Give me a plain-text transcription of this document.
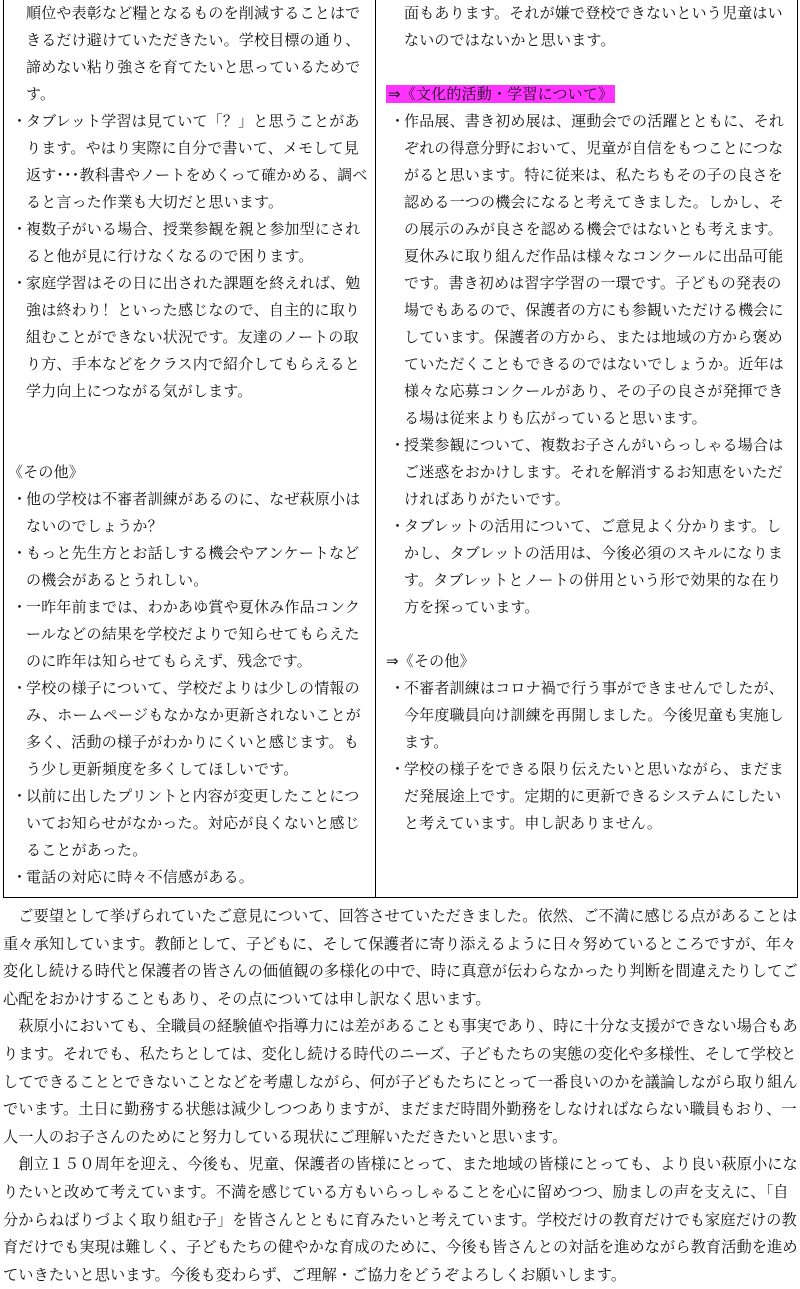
順位や表彰など糧となるものを削減することはできるだけ避けていただきたい。学校目標の通り、諦めない粘り強さを育てたいと思っているためです。

・
タブレット学習は見ていて「？」と思うことがあります。やはり実際に自分で書いて、メモして見返す･･･教科書やノートをめくって確かめる、調べると言った作業も大切だと思います。
・
複数子がいる場合、授業参観を親と参加型にされると他が見に行けなくなるので困ります。
・
家庭学習はその日に出された課題を終えれば、勉強は終わり！といった感じなので、自主的に取り組むことができない状況です。友達のノートの取り方、手本などをクラス内で紹介してもらえると学力向上につながる気がします。

《その他》

・
他の学校は不審者訓練があるのに、なぜ萩原小はないのでしょうか？
・
もっと先生方とお話しする機会やアンケートなどの機会があるとうれしい。
・
一昨年前までは、わかあゆ賞や夏休み作品コンクールなどの結果を学校だよりで知らせてもらえたのに昨年は知らせてもらえず、残念です。
・
学校の様子について、学校だよりは少しの情報のみ、ホームページもなかなか更新されないことが多く、活動の様子がわかりにくいと感じます。もう少し更新頻度を多くしてほしいです。
・
以前に出したプリントと内容が変更したことについてお知らせがなかった。対応が良くないと感じることがあった。
・
電話の対応に時々不信感がある。

面もあります。それが嫌で登校できないという児童はいないのではないかと思います。

⇒《文化的活動・学習について》

・
作品展、書き初め展は、運動会での活躍とともに、それぞれの得意分野において、児童が自信をもつことにつながると思います。特に従来は、私たちもその子の良さを認める一つの機会になると考えてきました。しかし、その展示のみが良さを認める機会ではないとも考えます。夏休みに取り組んだ作品は様々なコンクールに出品可能です。書き初めは習字学習の一環です。子どもの発表の場でもあるので、保護者の方にも参観いただける機会にしています。保護者の方から、または地域の方から褒めていただくこともできるのではないでしょうか。近年は様々な応募コンクールがあり、その子の良さが発揮できる場は従来よりも広がっていると思います。
・
授業参観について、複数お子さんがいらっしゃる場合はご迷惑をおかけします。それを解消するお知恵をいただければありがたいです。
・
タブレットの活用について、ご意見よく分かります。しかし、タブレットの活用は、今後必須のスキルになります。タブレットとノートの併用という形で効果的な在り方を探っています。

⇒《その他》

・
不審者訓練はコロナ禍で行う事ができませんでしたが、今年度職員向け訓練を再開しました。今後児童も実施します。
・
学校の様子をできる限り伝えたいと思いながら、まだまだ発展途上です。定期的に更新できるシステムにしたいと考えています。申し訳ありません。

ご要望として挙げられていたご意見について、回答させていただきました。依然、ご不満に感じる点があることは重々承知しています。教師として、子どもに、そして保護者に寄り添えるように日々努めているところですが、年々変化し続ける時代と保護者の皆さんの価値観の多様化の中で、時に真意が伝わらなかったり判断を間違えたりしてご心配をおかけすることもあり、その点については申し訳なく思います。

萩原小においても、全職員の経験値や指導力には差があることも事実であり、時に十分な支援ができない場合もあります。それでも、私たちとしては、変化し続ける時代のニーズ、子どもたちの実態の変化や多様性、そして学校としてできることとできないことなどを考慮しながら、何が子どもたちにとって一番良いのかを議論しながら取り組んでいます。土日に勤務する状態は減少しつつありますが、まだまだ時間外勤務をしなければならない職員もおり、一人一人のお子さんのためにと努力している現状にご理解いただきたいと思います。

創立１５０周年を迎え、今後も、児童、保護者の皆様にとって、また地域の皆様にとっても、より良い萩原小になりたいと改めて考えています。不満を感じている方もいらっしゃることを心に留めつつ、励ましの声を支えに、「自分からねばりづよく取り組む子」を皆さんとともに育みたいと考えています。学校だけの教育だけでも家庭だけの教育だけでも実現は難しく、子どもたちの健やかな育成のために、今後も皆さんとの対話を進めながら教育活動を進めていきたいと思います。今後も変わらず、ご理解・ご協力をどうぞよろしくお願いします。
